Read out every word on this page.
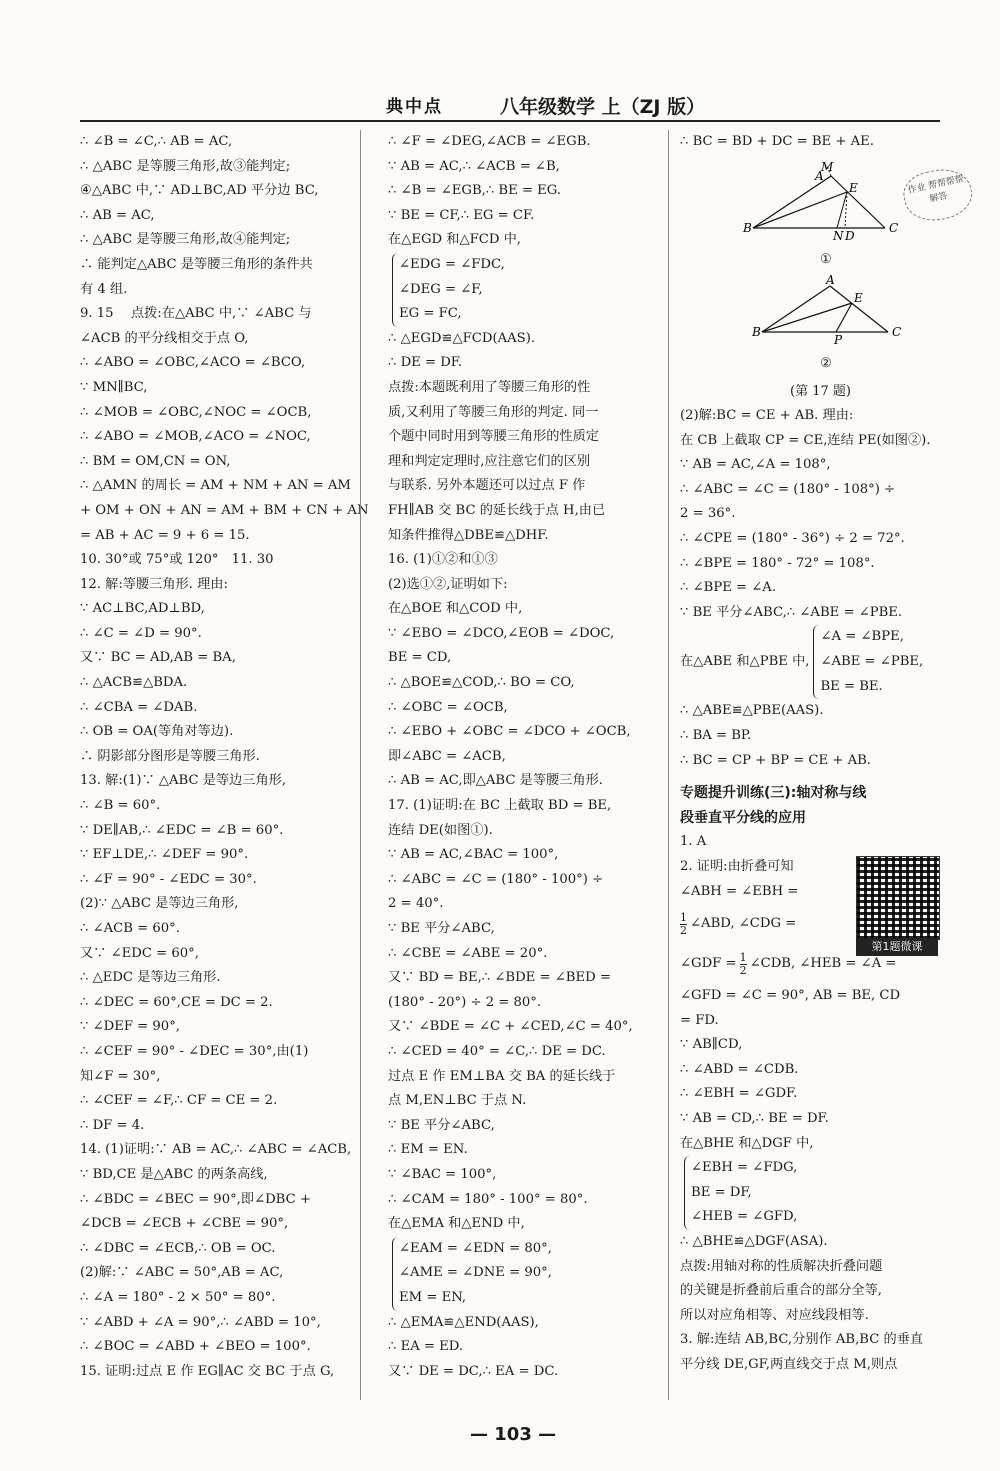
典中点	八年级数学 上（ZJ 版）
作业 帮帮帮帮 解答
∴ ∠B = ∠C,∴ AB = AC,
∴ △ABC 是等腰三角形,故③能判定;
④△ABC 中,∵ AD⊥BC,AD 平分边 BC,
∴ AB = AC,
∴ △ABC 是等腰三角形,故④能判定;
∴ 能判定△ABC 是等腰三角形的条件共
有 4 组.
9. 15　 点拨:在△ABC 中,∵ ∠ABC 与
∠ACB 的平分线相交于点 O,
∴ ∠ABO = ∠OBC,∠ACO = ∠BCO,
∵ MN∥BC,
∴ ∠MOB = ∠OBC,∠NOC = ∠OCB,
∴ ∠ABO = ∠MOB,∠ACO = ∠NOC,
∴ BM = OM,CN = ON,
∴ △AMN 的周长 = AM + NM + AN = AM
+ OM + ON + AN = AM + BM + CN + AN
= AB + AC = 9 + 6 = 15.
10. 30°或 75°或 120°　11. 30
12. 解:等腰三角形. 理由:
∵ AC⊥BC,AD⊥BD,
∴ ∠C = ∠D = 90°.
又∵ BC = AD,AB = BA,
∴ △ACB≌△BDA.
∴ ∠CBA = ∠DAB.
∴ OB = OA(等角对等边).
∴ 阴影部分图形是等腰三角形.
13. 解:(1)∵ △ABC 是等边三角形,
∴ ∠B = 60°.
∵ DE∥AB,∴ ∠EDC = ∠B = 60°.
∵ EF⊥DE,∴ ∠DEF = 90°.
∴ ∠F = 90° - ∠EDC = 30°.
(2)∵ △ABC 是等边三角形,
∴ ∠ACB = 60°.
又∵ ∠EDC = 60°,
∴ △EDC 是等边三角形.
∴ ∠DEC = 60°,CE = DC = 2.
∵ ∠DEF = 90°,
∴ ∠CEF = 90° - ∠DEC = 30°,由(1)
知∠F = 30°,
∴ ∠CEF = ∠F,∴ CF = CE = 2.
∴ DF = 4.
14. (1)证明:∵ AB = AC,∴ ∠ABC = ∠ACB,
∵ BD,CE 是△ABC 的两条高线,
∴ ∠BDC = ∠BEC = 90°,即∠DBC +
∠DCB = ∠ECB + ∠CBE = 90°,
∴ ∠DBC = ∠ECB,∴ OB = OC.
(2)解:∵ ∠ABC = 50°,AB = AC,
∴ ∠A = 180° - 2 × 50° = 80°.
∵ ∠ABD + ∠A = 90°,∴ ∠ABD = 10°,
∴ ∠BOC = ∠ABD + ∠BEO = 100°.
15. 证明:过点 E 作 EG∥AC 交 BC 于点 G,
∴ ∠F = ∠DEG,∠ACB = ∠EGB.
∵ AB = AC,∴ ∠ACB = ∠B,
∴ ∠B = ∠EGB,∴ BE = EG.
∵ BE = CF,∴ EG = CF.
在△EGD 和△FCD 中,
∠EDG = ∠FDC,
∠DEG = ∠F,
EG = FC,
∴ △EGD≌△FCD(AAS).
∴ DE = DF.
点拨:本题既利用了等腰三角形的性
质,又利用了等腰三角形的判定. 同一
个题中同时用到等腰三角形的性质定
理和判定定理时,应注意它们的区别
与联系. 另外本题还可以过点 F 作
FH∥AB 交 BC 的延长线于点 H,由已
知条件推得△DBE≌△DHF.
16. (1)①②和①③
(2)选①②,证明如下:
在△BOE 和△COD 中,
∵ ∠EBO = ∠DCO,∠EOB = ∠DOC,
BE = CD,
∴ △BOE≌△COD,∴ BO = CO,
∴ ∠OBC = ∠OCB,
∴ ∠EBO + ∠OBC = ∠DCO + ∠OCB,
即∠ABC = ∠ACB,
∴ AB = AC,即△ABC 是等腰三角形.
17. (1)证明:在 BC 上截取 BD = BE,
连结 DE(如图①).
∵ AB = AC,∠BAC = 100°,
∴ ∠ABC = ∠C = (180° - 100°) ÷
2 = 40°.
∵ BE 平分∠ABC,
∴ ∠CBE = ∠ABE = 20°.
又∵ BD = BE,∴ ∠BDE = ∠BED =
(180° - 20°) ÷ 2 = 80°.
又∵ ∠BDE = ∠C + ∠CED,∠C = 40°,
∴ ∠CED = 40° = ∠C,∴ DE = DC.
过点 E 作 EM⊥BA 交 BA 的延长线于
点 M,EN⊥BC 于点 N.
∵ BE 平分∠ABC,
∴ EM = EN.
∵ ∠BAC = 100°,
∴ ∠CAM = 180° - 100° = 80°.
在△EMA 和△END 中,
∠EAM = ∠EDN = 80°,
∠AME = ∠DNE = 90°,
EM = EN,
∴ △EMA≌△END(AAS),
∴ EA = ED.
又∵ DE = DC,∴ EA = DC.
∴ BC = BD + DC = BE + AE.
M
A
E
B
N D
C
①
A
E
B
P
C
②
(第 17 题)
(2)解:BC = CE + AB. 理由:
在 CB 上截取 CP = CE,连结 PE(如图②).
∵ AB = AC,∠A = 108°,
∴ ∠ABC = ∠C = (180° - 108°) ÷
2 = 36°.
∴ ∠CPE = (180° - 36°) ÷ 2 = 72°.
∴ ∠BPE = 180° - 72° = 108°.
∴ ∠BPE = ∠A.
∵ BE 平分∠ABC,∴ ∠ABE = ∠PBE.
在△ABE 和△PBE 中,
∠A = ∠BPE,
∠ABE = ∠PBE,
BE = BE.
∴ △ABE≌△PBE(AAS).
∴ BA = BP.
∴ BC = CP + BP = CE + AB.
专题提升训练(三):轴对称与线
段垂直平分线的应用
1. A
2. 证明:由折叠可知
∠ABH = ∠EBH =
$\frac{1}{2}$ ∠ABD, ∠CDG =
∠GDF = $\frac{1}{2}$ ∠CDB, ∠HEB = ∠A =
∠GFD = ∠C = 90°, AB = BE, CD
= FD.
∵ AB∥CD,
∴ ∠ABD = ∠CDB.
∴ ∠EBH = ∠GDF.
∵ AB = CD,∴ BE = DF.
在△BHE 和△DGF 中,
∠EBH = ∠FDG,
BE = DF,
∠HEB = ∠GFD,
∴ △BHE≌△DGF(ASA).
点拨:用轴对称的性质解决折叠问题
的关键是折叠前后重合的部分全等,
所以对应角相等、对应线段相等.
3. 解:连结 AB,BC,分别作 AB,BC 的垂直
平分线 DE,GF,两直线交于点 M,则点
第1题微课
— 103 —
